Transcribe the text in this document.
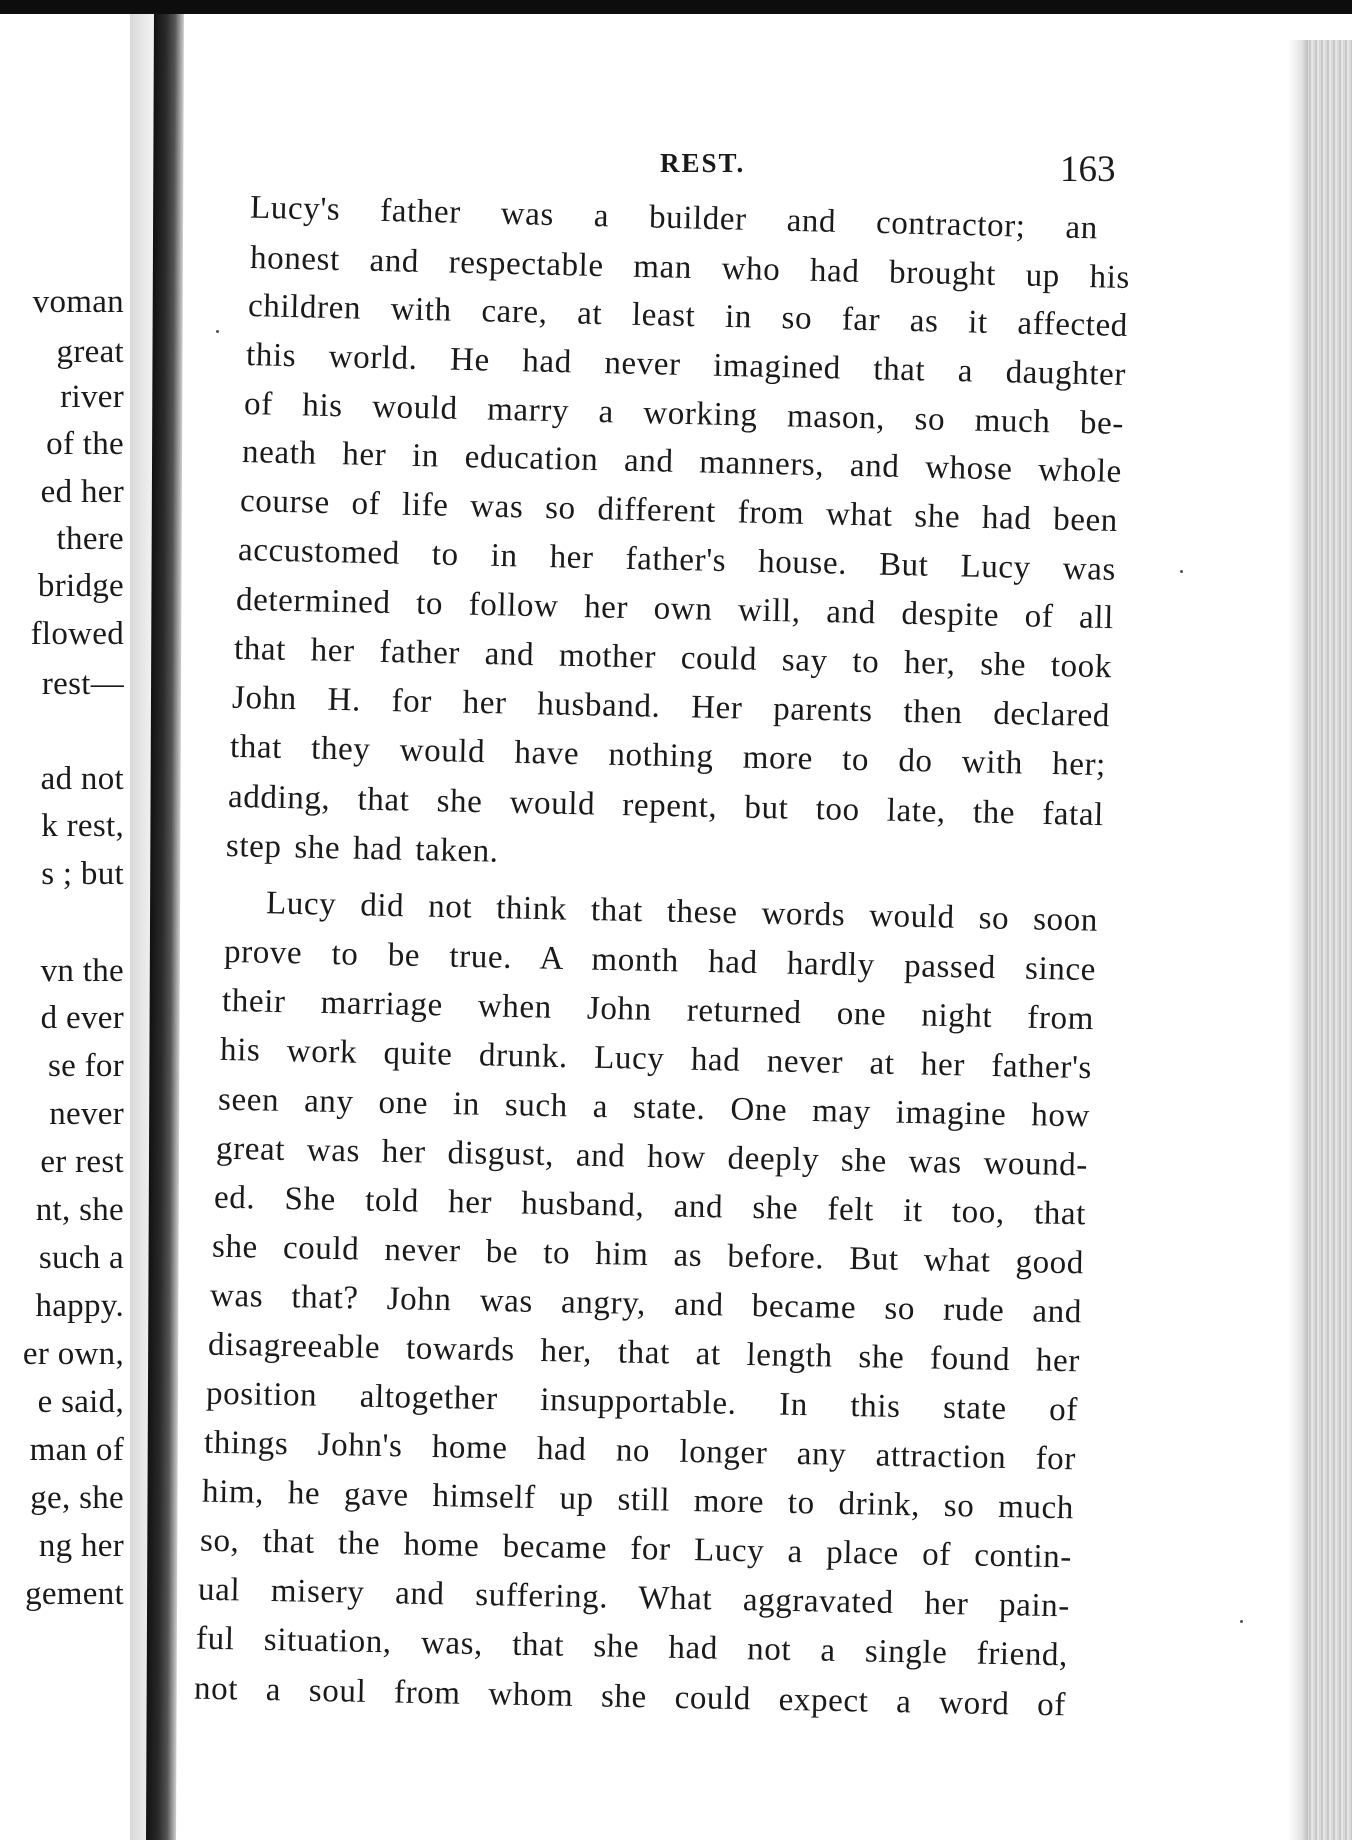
voman
great
river
of the
ed her
there
bridge
flowed
rest—
ad not
k rest,
s ; but
vn the
d ever
se for
never
er rest
nt, she
such a
happy.
er own,
e said,
man of
ge, she
ng her
gement
REST.	163
Lucy's father was a builder and contractor; an
honest and respectable man who had brought up his
children with care, at least in so far as it affected
this world. He had never imagined that a daughter
of his would marry a working mason, so much be-
neath her in education and manners, and whose whole
course of life was so different from what she had been
accustomed to in her father's house. But Lucy was
determined to follow her own will, and despite of all
that her father and mother could say to her, she took
John H. for her husband. Her parents then declared
that they would have nothing more to do with her;
adding, that she would repent, but too late, the fatal
step she had taken.
Lucy did not think that these words would so soon
prove to be true. A month had hardly passed since
their marriage when John returned one night from
his work quite drunk. Lucy had never at her father's
seen any one in such a state. One may imagine how
great was her disgust, and how deeply she was wound-
ed. She told her husband, and she felt it too, that
she could never be to him as before. But what good
was that? John was angry, and became so rude and
disagreeable towards her, that at length she found her
position altogether insupportable. In this state of
things John's home had no longer any attraction for
him, he gave himself up still more to drink, so much
so, that the home became for Lucy a place of contin-
ual misery and suffering. What aggravated her pain-
ful situation, was, that she had not a single friend,
not a soul from whom she could expect a word of
